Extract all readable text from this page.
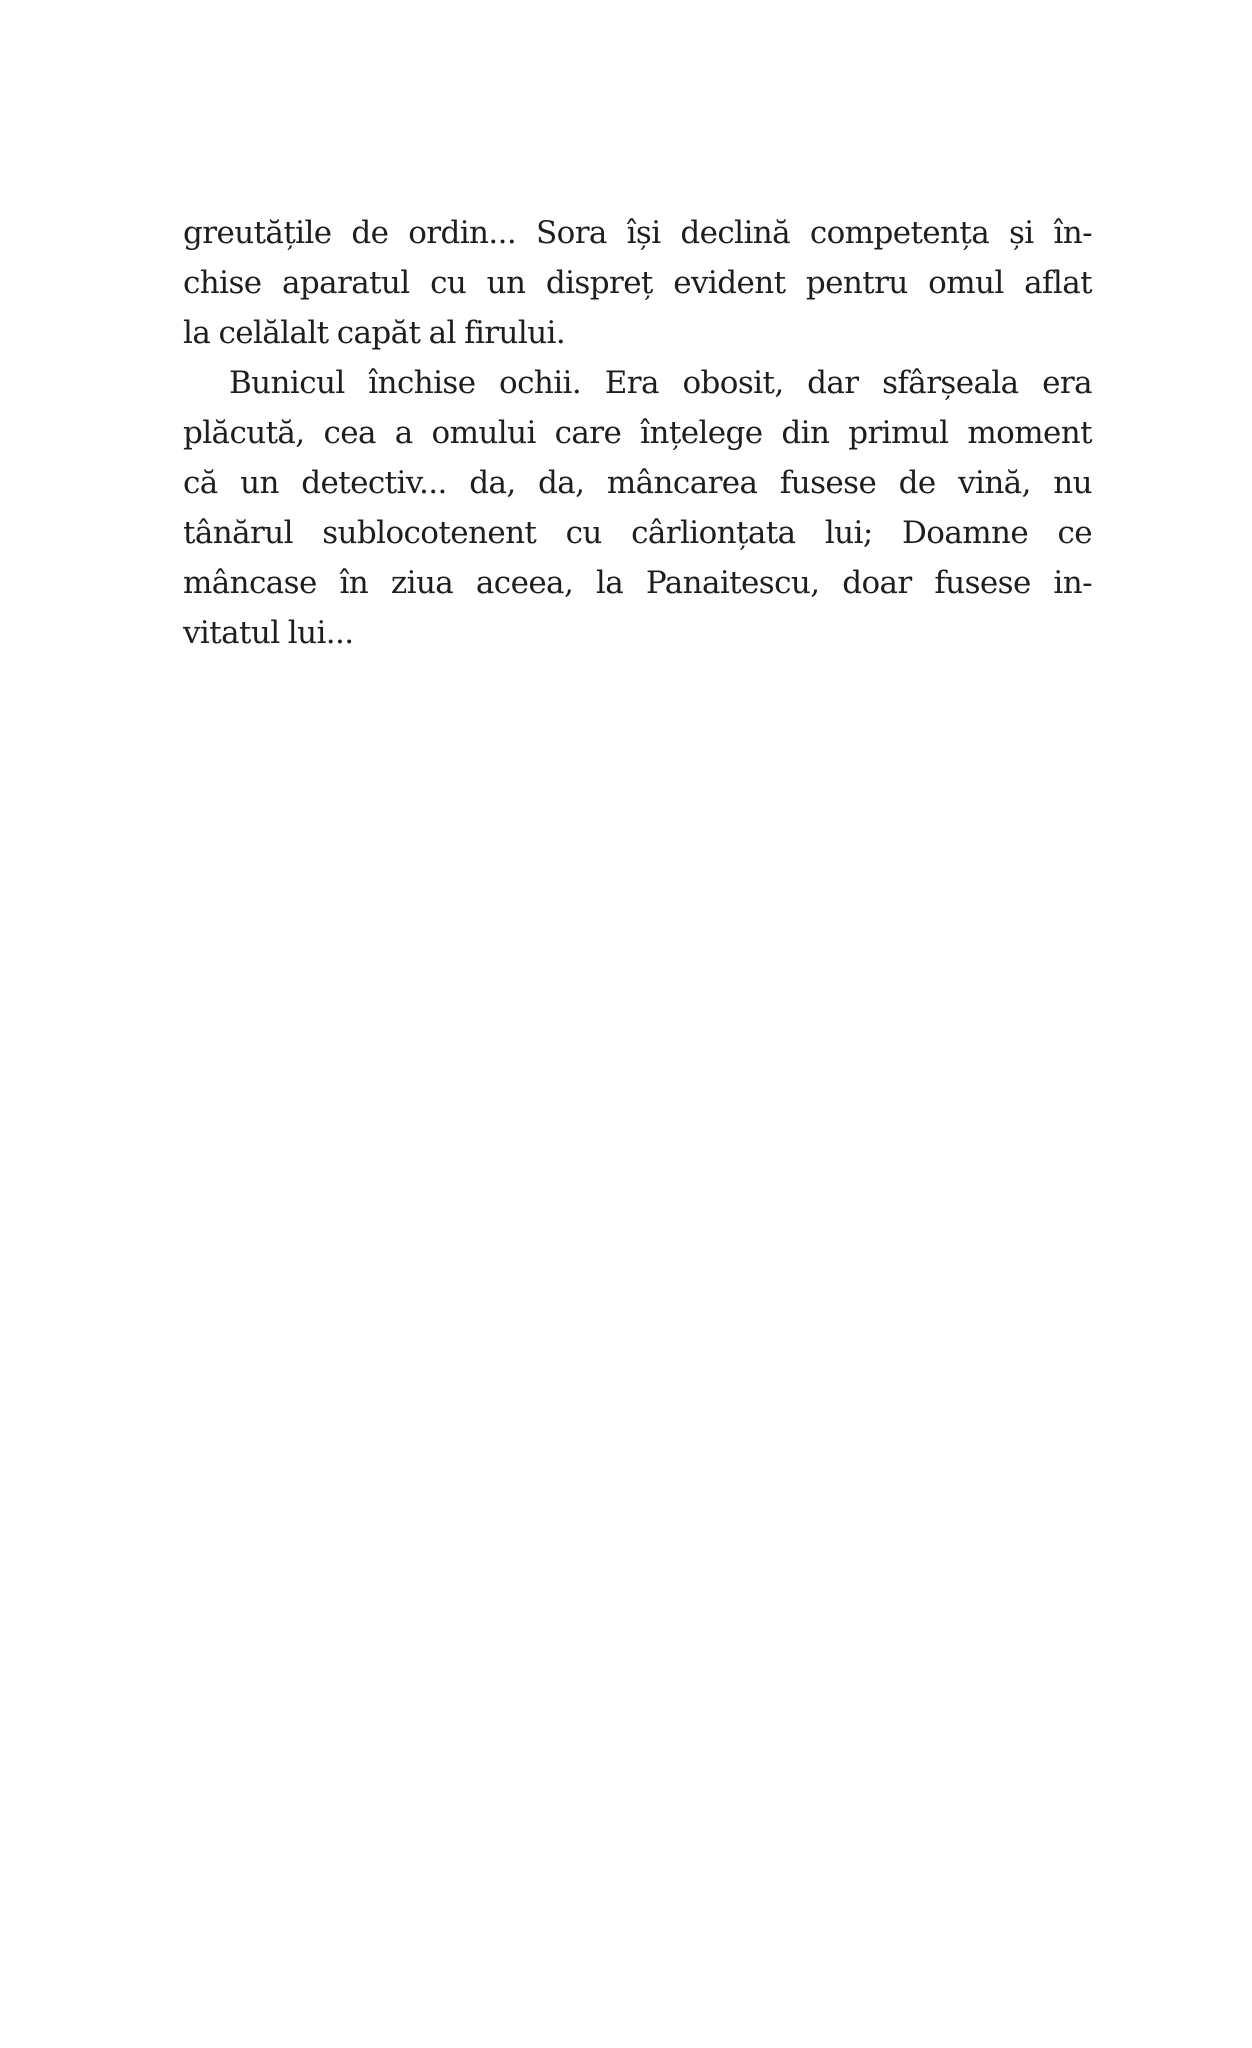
greutățile de ordin... Sora își declină competența și în-
chise aparatul cu un dispreț evident pentru omul aflat
la celălalt capăt al firului.
Bunicul închise ochii. Era obosit, dar sfârșeala era
plăcută, cea a omului care înțelege din primul moment
că un detectiv... da, da, mâncarea fusese de vină, nu
tânărul sublocotenent cu cârlionțata lui; Doamne ce
mâncase în ziua aceea, la Panaitescu, doar fusese in-
vitatul lui...
